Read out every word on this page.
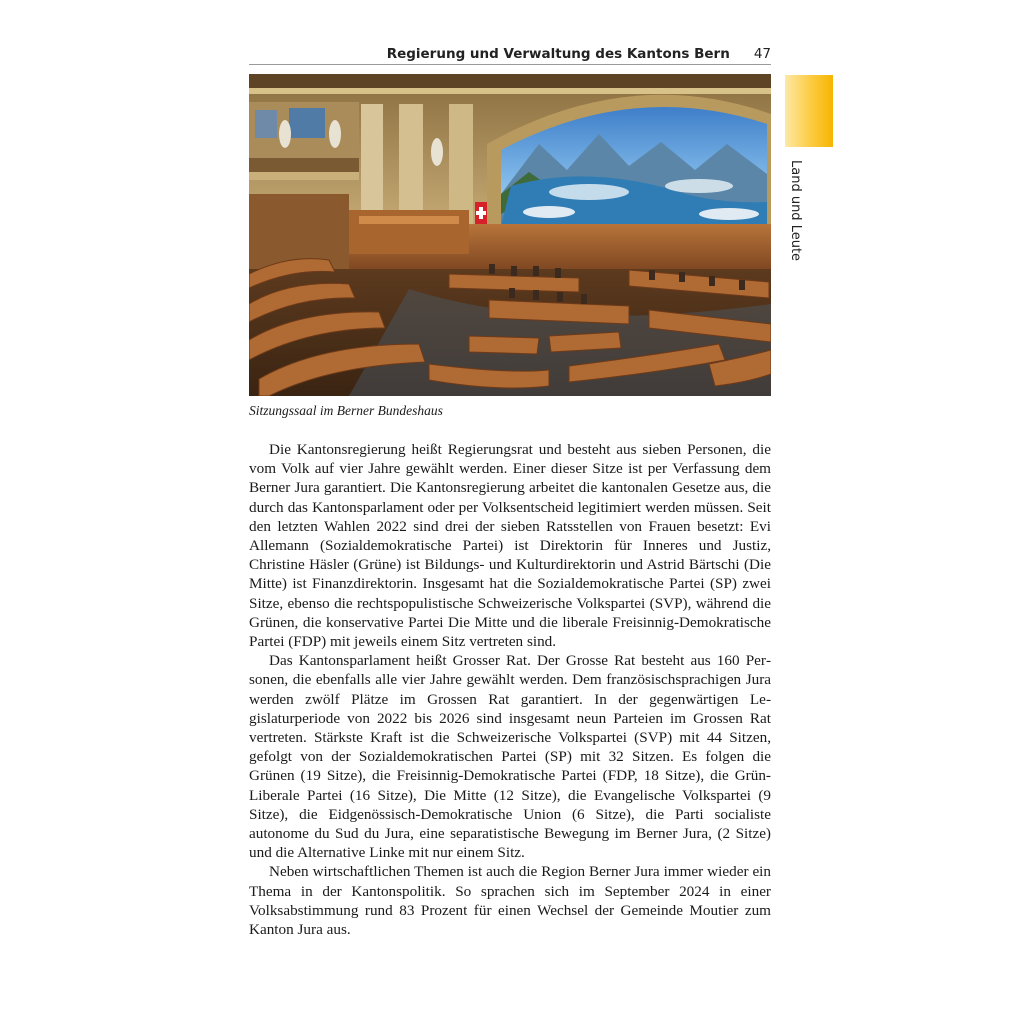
Regierung und Verwaltung des Kantons Bern 47
Land und Leute
Sitzungssaal im Berner Bundeshaus

Die Kantonsregierung heißt Regierungsrat und besteht aus sieben Personen, die vom Volk auf vier Jahre gewählt werden. Einer dieser Sitze ist per Verfassung dem Berner Jura garantiert. Die Kantonsregierung arbeitet die kantonalen Gesetze aus, die durch das Kantonsparlament oder per Volksentscheid legitimiert werden müssen. Seit den letzten Wahlen 2022 sind drei der sieben Ratsstellen von Frauen besetzt: Evi Allemann (Sozialdemokratische Partei) ist Direktorin für Inneres und Justiz, Christine Häsler (Grüne) ist Bildungs- und Kulturdirektorin und Astrid Bärtschi (Die Mitte) ist Finanzdirektorin. Insgesamt hat die Sozialdemokratische Partei (SP) zwei Sitze, ebenso die rechtspopulistische Schweizerische Volkspartei (SVP), während die Grünen, die konservative Partei Die Mitte und die liberale Freisinnig-Demokratische Partei (FDP) mit jeweils einem Sitz vertreten sind.

Das Kantonsparlament heißt Grosser Rat. Der Grosse Rat besteht aus 160 Personen, die ebenfalls alle vier Jahre gewählt werden. Dem französischsprachigen Jura werden zwölf Plätze im Grossen Rat garantiert. In der gegenwärtigen Legislaturperiode von 2022 bis 2026 sind insgesamt neun Parteien im Grossen Rat vertreten. Stärkste Kraft ist die Schweizerische Volkspartei (SVP) mit 44 Sitzen, gefolgt von der Sozialdemokratischen Partei (SP) mit 32 Sitzen. Es folgen die Grünen (19 Sitze), die Freisinnig-Demokratische Partei (FDP, 18 Sitze), die Grün-Liberale Partei (16 Sitze), Die Mitte (12 Sitze), die Evangelische Volkspartei (9 Sitze), die Eidgenössisch-Demokratische Union (6 Sitze), die Parti socialiste autonome du Sud du Jura, eine separatistische Bewegung im Berner Jura, (2 Sitze) und die Alternative Linke mit nur einem Sitz.

Neben wirtschaftlichen Themen ist auch die Region Berner Jura immer wieder ein Thema in der Kantonspolitik. So sprachen sich im September 2024 in einer Volksabstimmung rund 83 Prozent für einen Wechsel der Gemeinde Moutier zum Kanton Jura aus.
